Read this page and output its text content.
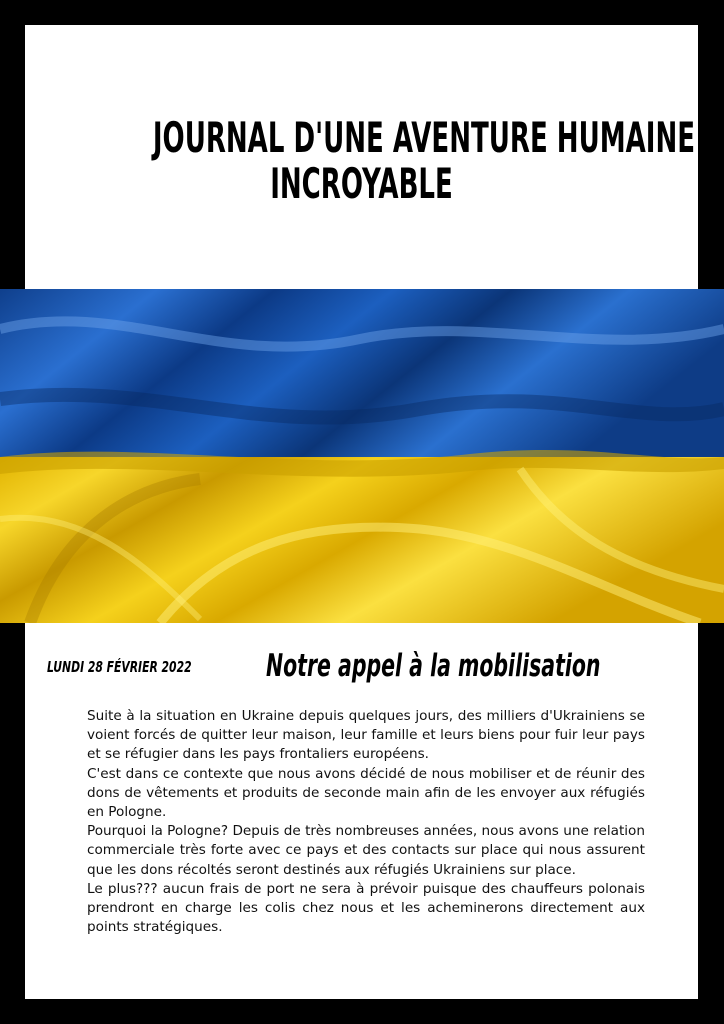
JOURNAL D'UNE AVENTURE HUMAINE
INCROYABLE
LUNDI 28 FÉVRIER 2022 Notre appel à la mobilisation

Suite à la situation en Ukraine depuis quelques jours, des milliers d'Ukrainiens se voient forcés de quitter leur maison, leur famille et leurs biens pour fuir leur pays et se réfugier dans les pays frontaliers européens.

C'est dans ce contexte que nous avons décidé de nous mobiliser et de réunir des dons de vêtements et produits de seconde main afin de les envoyer aux réfugiés en Pologne.

Pourquoi la Pologne? Depuis de très nombreuses années, nous avons une relation commerciale très forte avec ce pays et des contacts sur place qui nous assurent que les dons récoltés seront destinés aux réfugiés Ukrainiens sur place.

Le plus??? aucun frais de port ne sera à prévoir puisque des chauffeurs polonais prendront en charge les colis chez nous et les acheminerons directement aux points stratégiques.
